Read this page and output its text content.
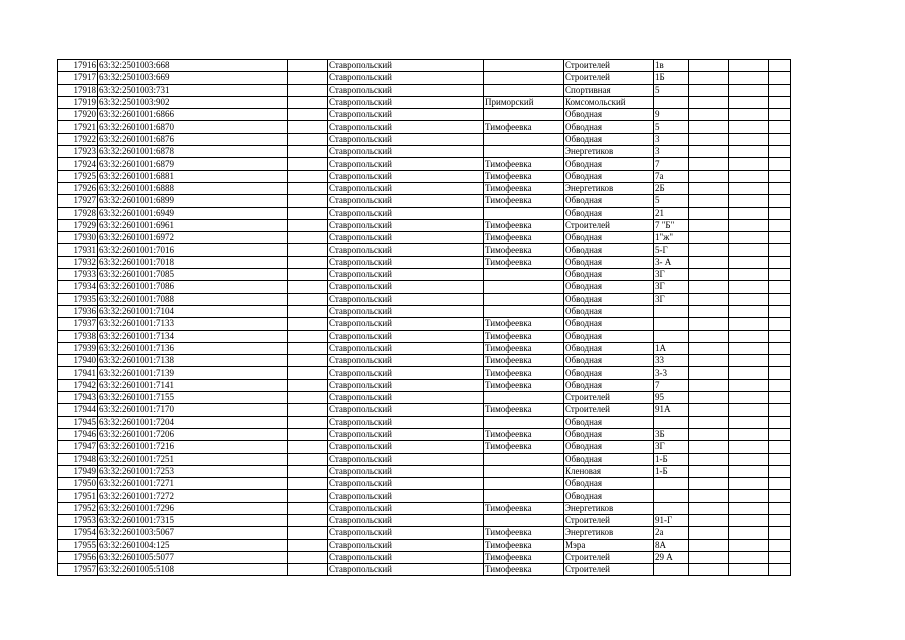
17916	63:32:2501003:668		Ставропольский		Строителей	1в			
17917	63:32:2501003:669		Ставропольский		Строителей	1Б			
17918	63:32:2501003:731		Ставропольский		Спортивная	5			
17919	63:32:2501003:902		Ставропольский	Приморский	Комсомольский				
17920	63:32:2601001:6866		Ставропольский		Обводная	9			
17921	63:32:2601001:6870		Ставропольский	Тимофеевка	Обводная	5			
17922	63:32:2601001:6876		Ставропольский		Обводная	3			
17923	63:32:2601001:6878		Ставропольский		Энергетиков	3			
17924	63:32:2601001:6879		Ставропольский	Тимофеевка	Обводная	7			
17925	63:32:2601001:6881		Ставропольский	Тимофеевка	Обводная	7а			
17926	63:32:2601001:6888		Ставропольский	Тимофеевка	Энергетиков	2Б			
17927	63:32:2601001:6899		Ставропольский	Тимофеевка	Обводная	5			
17928	63:32:2601001:6949		Ставропольский		Обводная	21			
17929	63:32:2601001:6961		Ставропольский	Тимофеевка	Строителей	7 "Б"			
17930	63:32:2601001:6972		Ставропольский	Тимофеевка	Обводная	1"ж"			
17931	63:32:2601001:7016		Ставропольский	Тимофеевка	Обводная	5-Г			
17932	63:32:2601001:7018		Ставропольский	Тимофеевка	Обводная	3- А			
17933	63:32:2601001:7085		Ставропольский		Обводная	3Г			
17934	63:32:2601001:7086		Ставропольский		Обводная	3Г			
17935	63:32:2601001:7088		Ставропольский		Обводная	3Г			
17936	63:32:2601001:7104		Ставропольский		Обводная				
17937	63:32:2601001:7133		Ставропольский	Тимофеевка	Обводная				
17938	63:32:2601001:7134		Ставропольский	Тимофеевка	Обводная				
17939	63:32:2601001:7136		Ставропольский	Тимофеевка	Обводная	1А			
17940	63:32:2601001:7138		Ставропольский	Тимофеевка	Обводная	33			
17941	63:32:2601001:7139		Ставропольский	Тимофеевка	Обводная	3-3			
17942	63:32:2601001:7141		Ставропольский	Тимофеевка	Обводная	7			
17943	63:32:2601001:7155		Ставропольский		Строителей	95			
17944	63:32:2601001:7170		Ставропольский	Тимофеевка	Строителей	91А			
17945	63:32:2601001:7204		Ставропольский		Обводная				
17946	63:32:2601001:7206		Ставропольский	Тимофеевка	Обводная	3Б			
17947	63:32:2601001:7216		Ставропольский	Тимофеевка	Обводная	3Г			
17948	63:32:2601001:7251		Ставропольский		Обводная	1-Б			
17949	63:32:2601001:7253		Ставропольский		Кленовая	1-Б			
17950	63:32:2601001:7271		Ставропольский		Обводная				
17951	63:32:2601001:7272		Ставропольский		Обводная				
17952	63:32:2601001:7296		Ставропольский	Тимофеевка	Энергетиков				
17953	63:32:2601001:7315		Ставропольский		Строителей	91-Г			
17954	63:32:2601003:5067		Ставропольский	Тимофеевка	Энергетиков	2а			
17955	63:32:2601004:125		Ставропольский	Тимофеевка	Мэра	8А			
17956	63:32:2601005:5077		Ставропольский	Тимофеевка	Строителей	29 А			
17957	63:32:2601005:5108		Ставропольский	Тимофеевка	Строителей				
